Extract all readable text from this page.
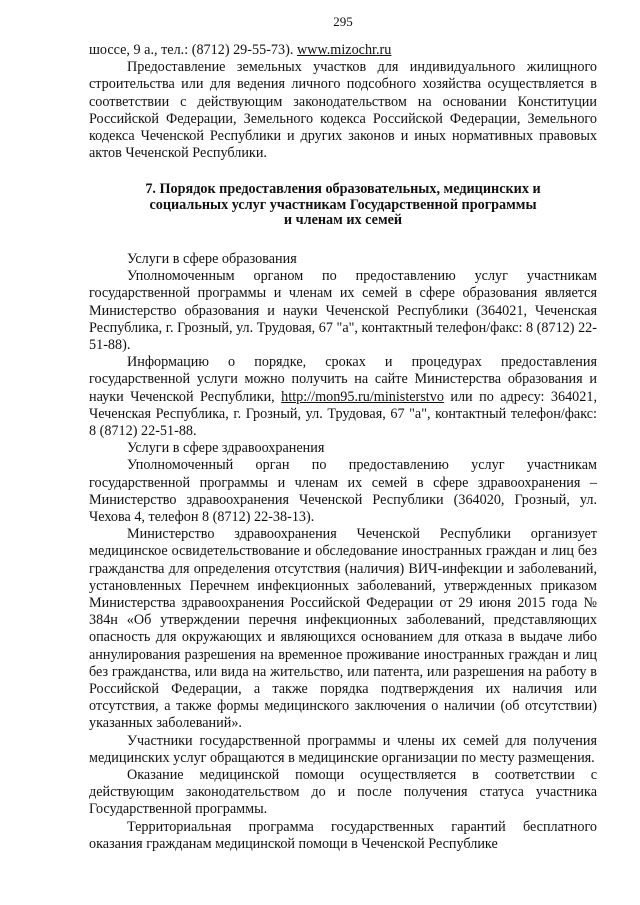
295

шоссе, 9 а., тел.: (8712) 29-55-73). www.mizochr.ru

Предоставление земельных участков для индивидуального жилищного строительства или для ведения личного подсобного хозяйства осуществляется в соответствии с действующим законодательством на основании Конституции Российской Федерации, Земельного кодекса Российской Федерации, Земельного кодекса Чеченской Республики и других законов и иных нормативных правовых актов Чеченской Республики.

7. Порядок предоставления образовательных, медицинских и
социальных услуг участникам Государственной программы
и членам их семей

Услуги в сфере образования

Уполномоченным органом по предоставлению услуг участникам государственной программы и членам их семей в сфере образования является Министерство образования и науки Чеченской Республики (364021, Чеченская Республика, г. Грозный, ул. Трудовая, 67 "а", контактный телефон/факс: 8 (8712) 22-51-88).

Информацию о порядке, сроках и процедурах предоставления государственной услуги можно получить на сайте Министерства образования и науки Чеченской Республики, http://mon95.ru/ministerstvo или по адресу: 364021, Чеченская Республика, г. Грозный, ул. Трудовая, 67 "а", контактный телефон/факс: 8 (8712) 22-51-88.

Услуги в сфере здравоохранения

Уполномоченный орган по предоставлению услуг участникам государственной программы и членам их семей в сфере здравоохранения – Министерство здравоохранения Чеченской Республики (364020, Грозный, ул. Чехова 4, телефон 8 (8712) 22-38-13).

Министерство здравоохранения Чеченской Республики организует медицинское освидетельствование и обследование иностранных граждан и лиц без гражданства для определения отсутствия (наличия) ВИЧ-инфекции и заболеваний, установленных Перечнем инфекционных заболеваний, утвержденных приказом Министерства здравоохранения Российской Федерации от 29 июня 2015 года № 384н «Об утверждении перечня инфекционных заболеваний, представляющих опасность для окружающих и являющихся основанием для отказа в выдаче либо аннулирования разрешения на временное проживание иностранных граждан и лиц без гражданства, или вида на жительство, или патента, или разрешения на работу в Российской Федерации, а также порядка подтверждения их наличия или отсутствия, а также формы медицинского заключения о наличии (об отсутствии) указанных заболеваний».

Участники государственной программы и члены их семей для получения медицинских услуг обращаются в медицинские организации по месту размещения.

Оказание медицинской помощи осуществляется в соответствии с действующим законодательством до и после получения статуса участника Государственной программы.

Территориальная программа государственных гарантий бесплатного оказания гражданам медицинской помощи в Чеченской Республике
